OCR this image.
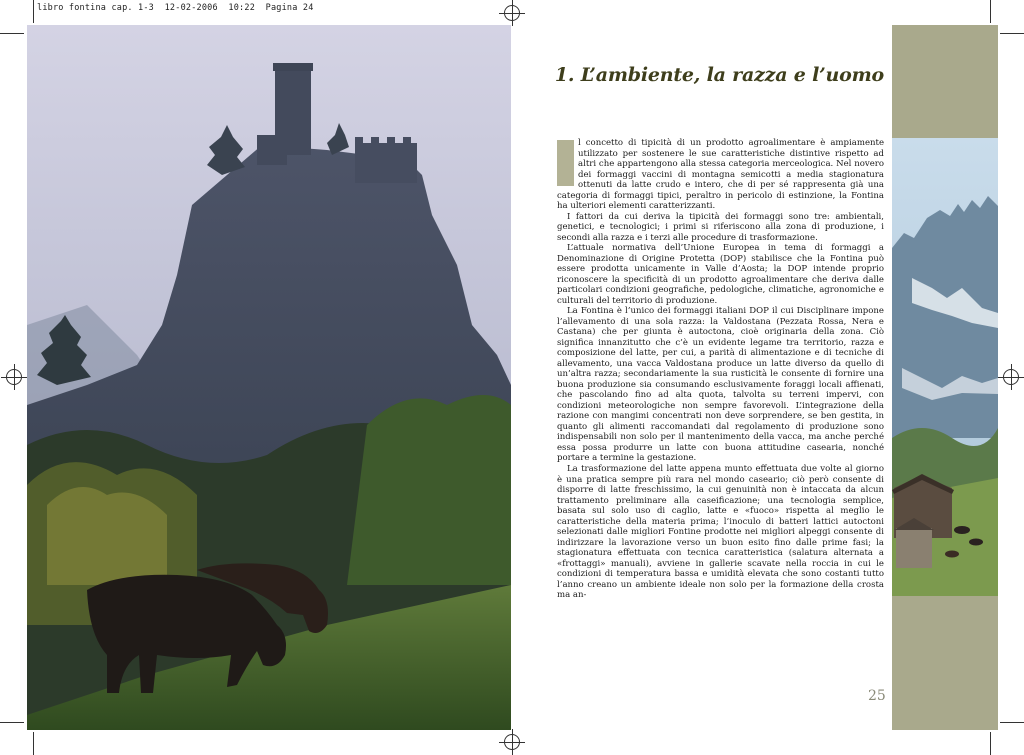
libro fontina cap. 1-3  12-02-2006  10:22  Pagina 24
1. L’ambiente, la razza e l’uomo

l concetto di tipicità di un prodotto agroalimentare è ampiamente utilizzato per sostenere le sue caratteristiche distintive rispetto ad altri che appartengono alla stessa categoria merceologica. Nel novero dei formaggi vaccini di montagna semicotti a media stagionatura ottenuti da latte crudo e intero, che di per sé rappresenta già una categoria di formaggi tipici, peraltro in pericolo di estinzione, la Fontina ha ulteriori elementi caratterizzanti.

I fattori da cui deriva la tipicità dei formaggi sono tre: ambientali, genetici, e tecnologici; i primi si riferiscono alla zona di produzione, i secondi alla razza e i terzi alle procedure di trasformazione.

L’attuale normativa dell’Unione Europea in tema di formaggi a Denominazione di Origine Protetta (DOP) stabilisce che la Fontina può essere prodotta unicamente in Valle d’Aosta; la DOP intende proprio riconoscere la specificità di un prodotto agroalimentare che deriva dalle particolari condizioni geografiche, pedologiche, climatiche, agronomiche e culturali del territorio di produzione.

La Fontina è l’unico dei formaggi italiani DOP il cui Disciplinare impone l’allevamento di una sola razza: la Valdostana (Pezzata Rossa, Nera e Castana) che per giunta è autoctona, cioè originaria della zona. Ciò significa innanzitutto che c’è un evidente legame tra territorio, razza e composizione del latte, per cui, a parità di alimentazione e di tecniche di allevamento, una vacca Valdostana produce un latte diverso da quello di un’altra razza; secondariamente la sua rusticità le consente di fornire una buona produzione sia consumando esclusivamente foraggi locali affienati, che pascolando fino ad alta quota, talvolta su terreni impervi, con condizioni meteorologiche non sempre favorevoli. L’integrazione della razione con mangimi concentrati non deve sorprendere, se ben gestita, in quanto gli alimenti raccomandati dal regolamento di produzione sono indispensabili non solo per il mantenimento della vacca, ma anche perché essa possa produrre un latte con buona attitudine casearia, nonché portare a termine la gestazione.

La trasformazione del latte appena munto effettuata due volte al giorno è una pratica sempre più rara nel mondo caseario; ciò però consente di disporre di latte freschissimo, la cui genuinità non è intaccata da alcun trattamento preliminare alla caseificazione; una tecnologia semplice, basata sul solo uso di caglio, latte e «fuoco» rispetta al meglio le caratteristiche della materia prima; l’inoculo di batteri lattici autoctoni selezionati dalle migliori Fontine prodotte nei migliori alpeggi consente di indirizzare la lavorazione verso un buon esito fino dalle prime fasi; la stagionatura effettuata con tecnica caratteristica (salatura alternata a «frottaggi» manuali), avviene in gallerie scavate nella roccia in cui le condizioni di temperatura bassa e umidità elevata che sono costanti tutto l’anno creano un ambiente ideale non solo per la formazione della crosta ma an-

25
